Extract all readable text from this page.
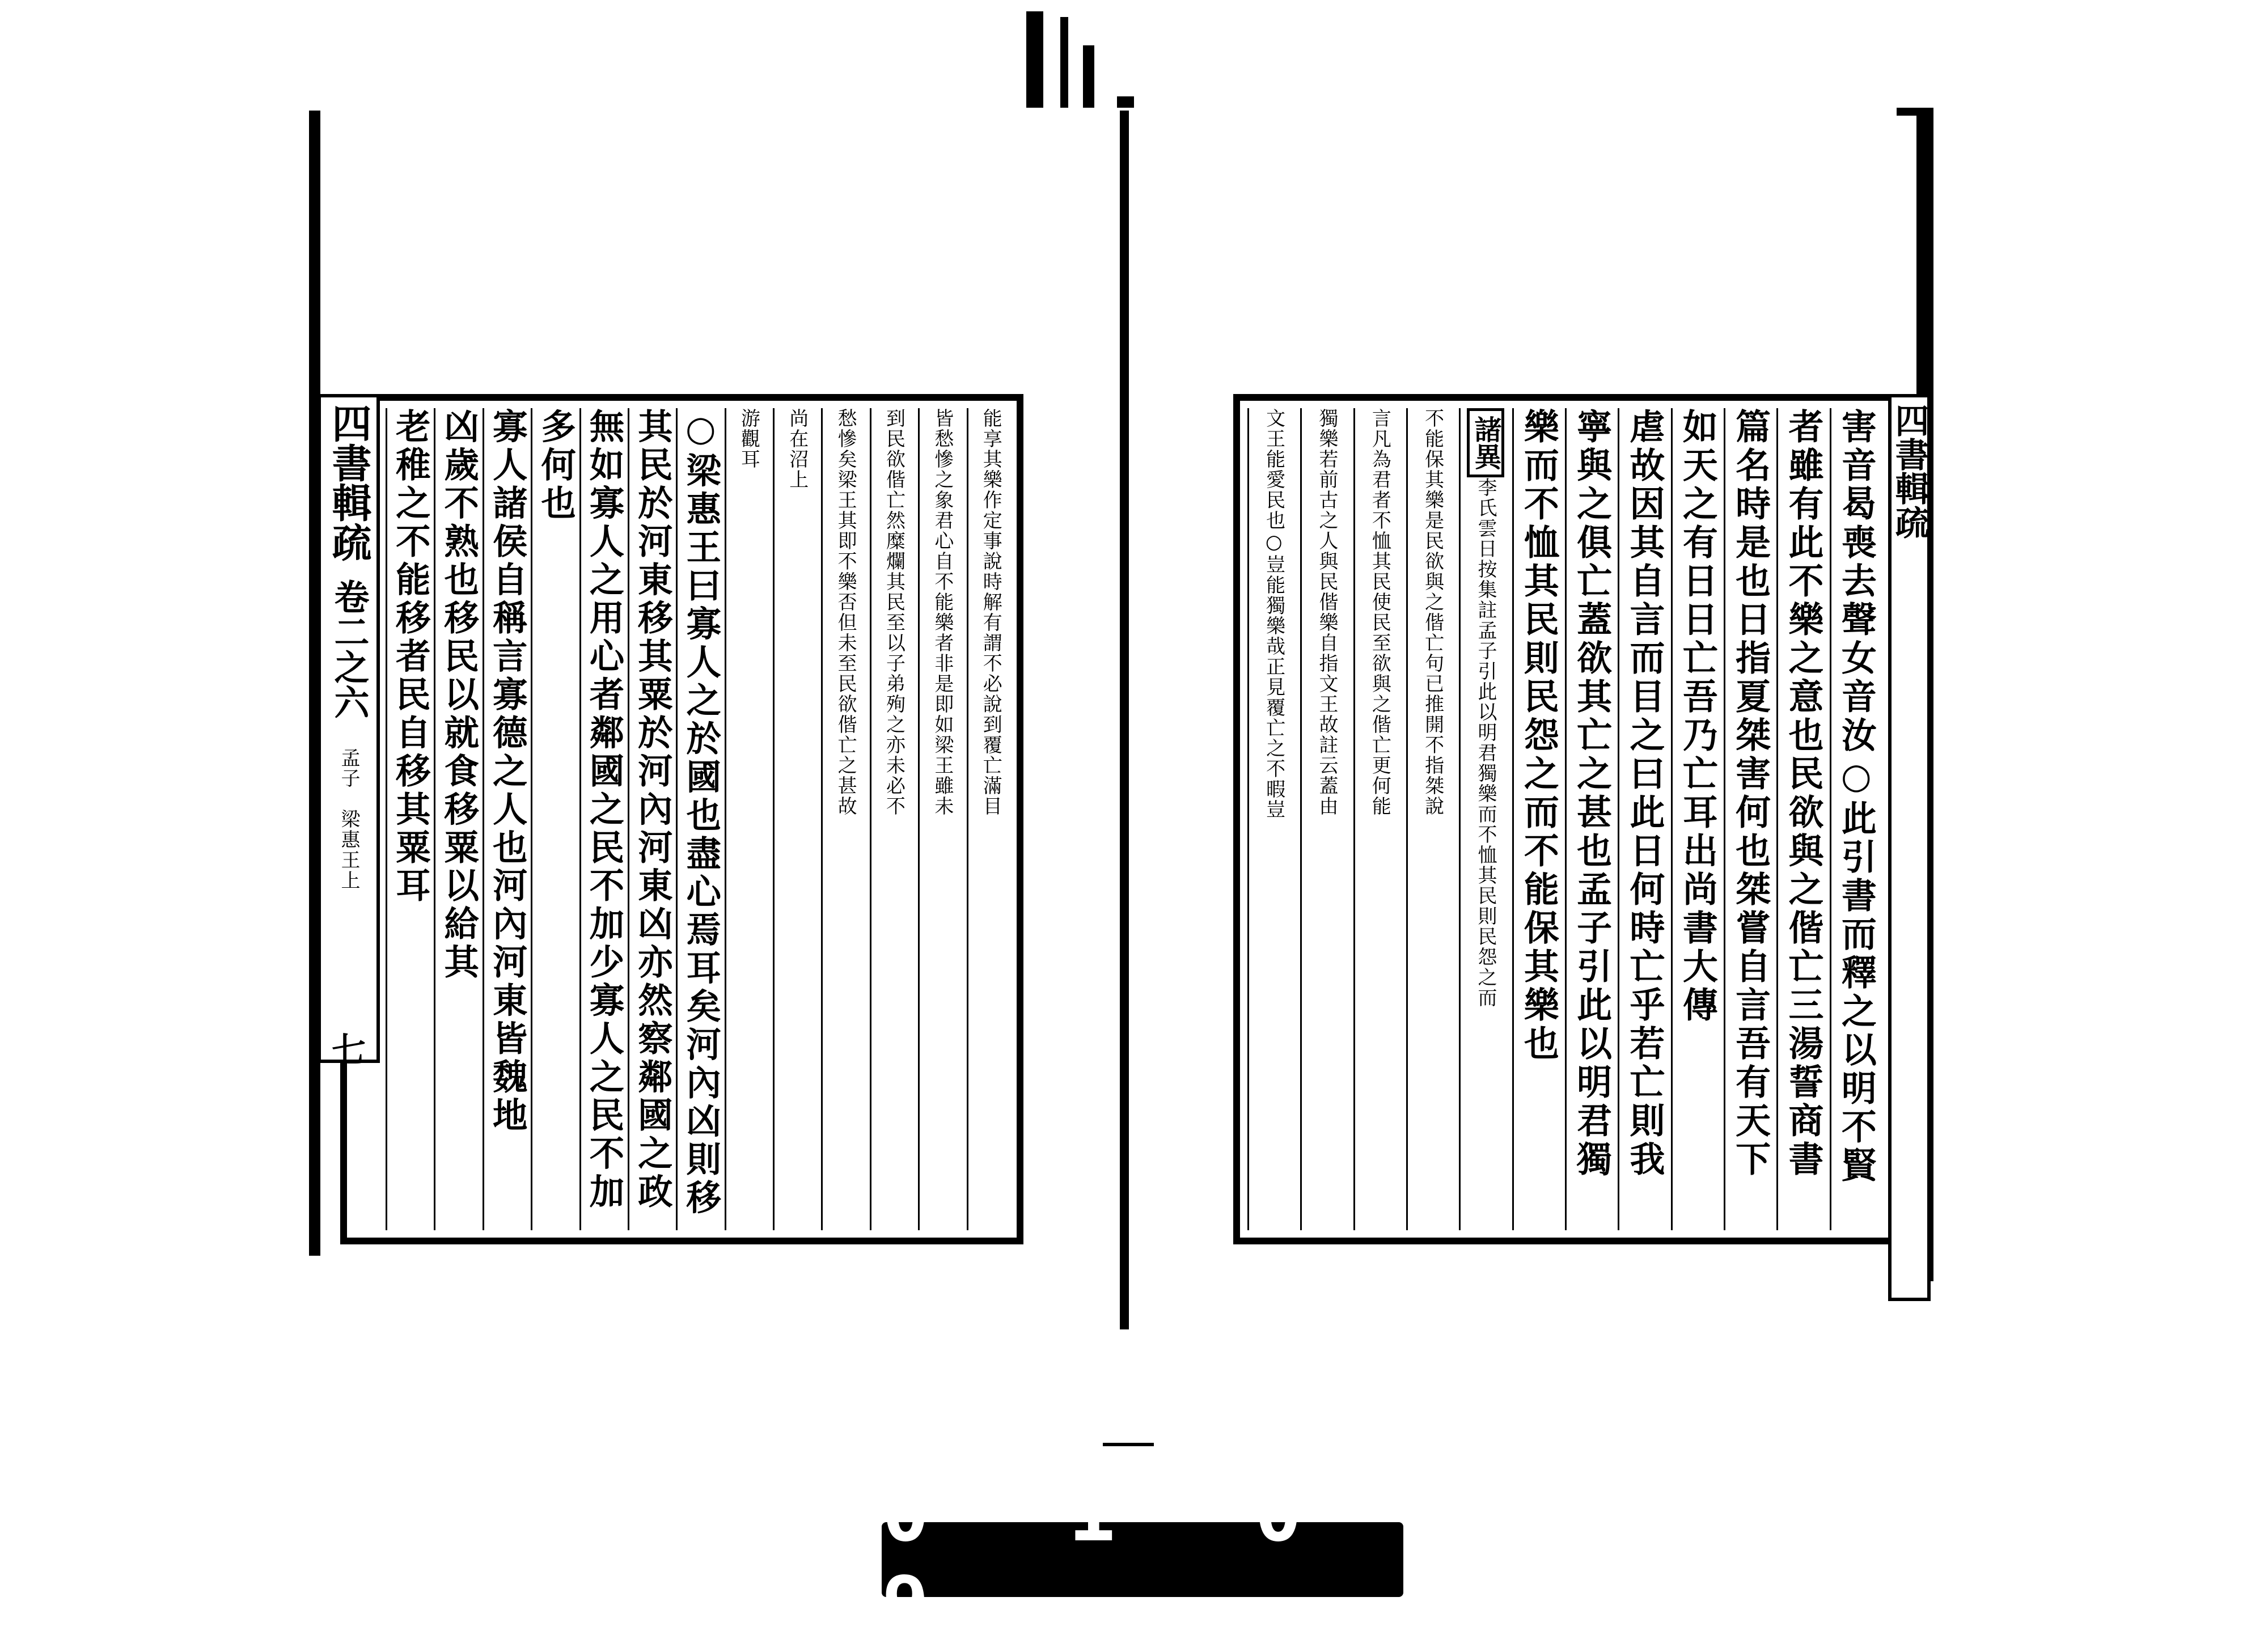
四書輯疏
卷二之六
孟子　梁惠王上
七
能享其樂作定事說時解有謂不必說到覆亡滿目
皆愁慘之象君心自不能樂者非是即如梁王雖未
到民欲偕亡然糜爛其民至以子弟殉之亦未必不
愁慘矣梁王其即不樂否但未至民欲偕亡之甚故
尚在沼上
游觀耳
○梁惠王曰寡人之於國也盡心焉耳矣河內凶則移
其民於河東移其粟於河內河東凶亦然察鄰國之政
無如寡人之用心者鄰國之民不加少寡人之民不加
多何也
寡人諸侯自稱言寡德之人也河內河東皆魏地
凶歲不熟也移民以就食移粟以給其
老稚之不能移者民自移其粟耳	四書輯疏
害音曷喪去聲女音汝○此引書而釋之以明不賢
者雖有此不樂之意也民欲與之偕亡三湯誓商書
篇名時是也日指夏桀害何也桀嘗自言吾有天下
如天之有日日亡吾乃亡耳出尚書大傳
虐故因其自言而目之曰此日何時亡乎若亡則我
寧與之俱亡蓋欲其亡之甚也孟子引此以明君獨
樂而不恤其民則民怨之而不能保其樂也
諸異
李氏雲日按集註孟子引此以明君獨樂而不恤其民則民怨之而
不能保其樂是民欲與之偕亡句已推開不指桀說
言凡為君者不恤其民使民至欲與之偕亡更何能
獨樂若前古之人與民偕樂自指文王故註云蓋由
文王能愛民也○豈能獨樂哉正見覆亡之不暇豈
0 1 0 9
